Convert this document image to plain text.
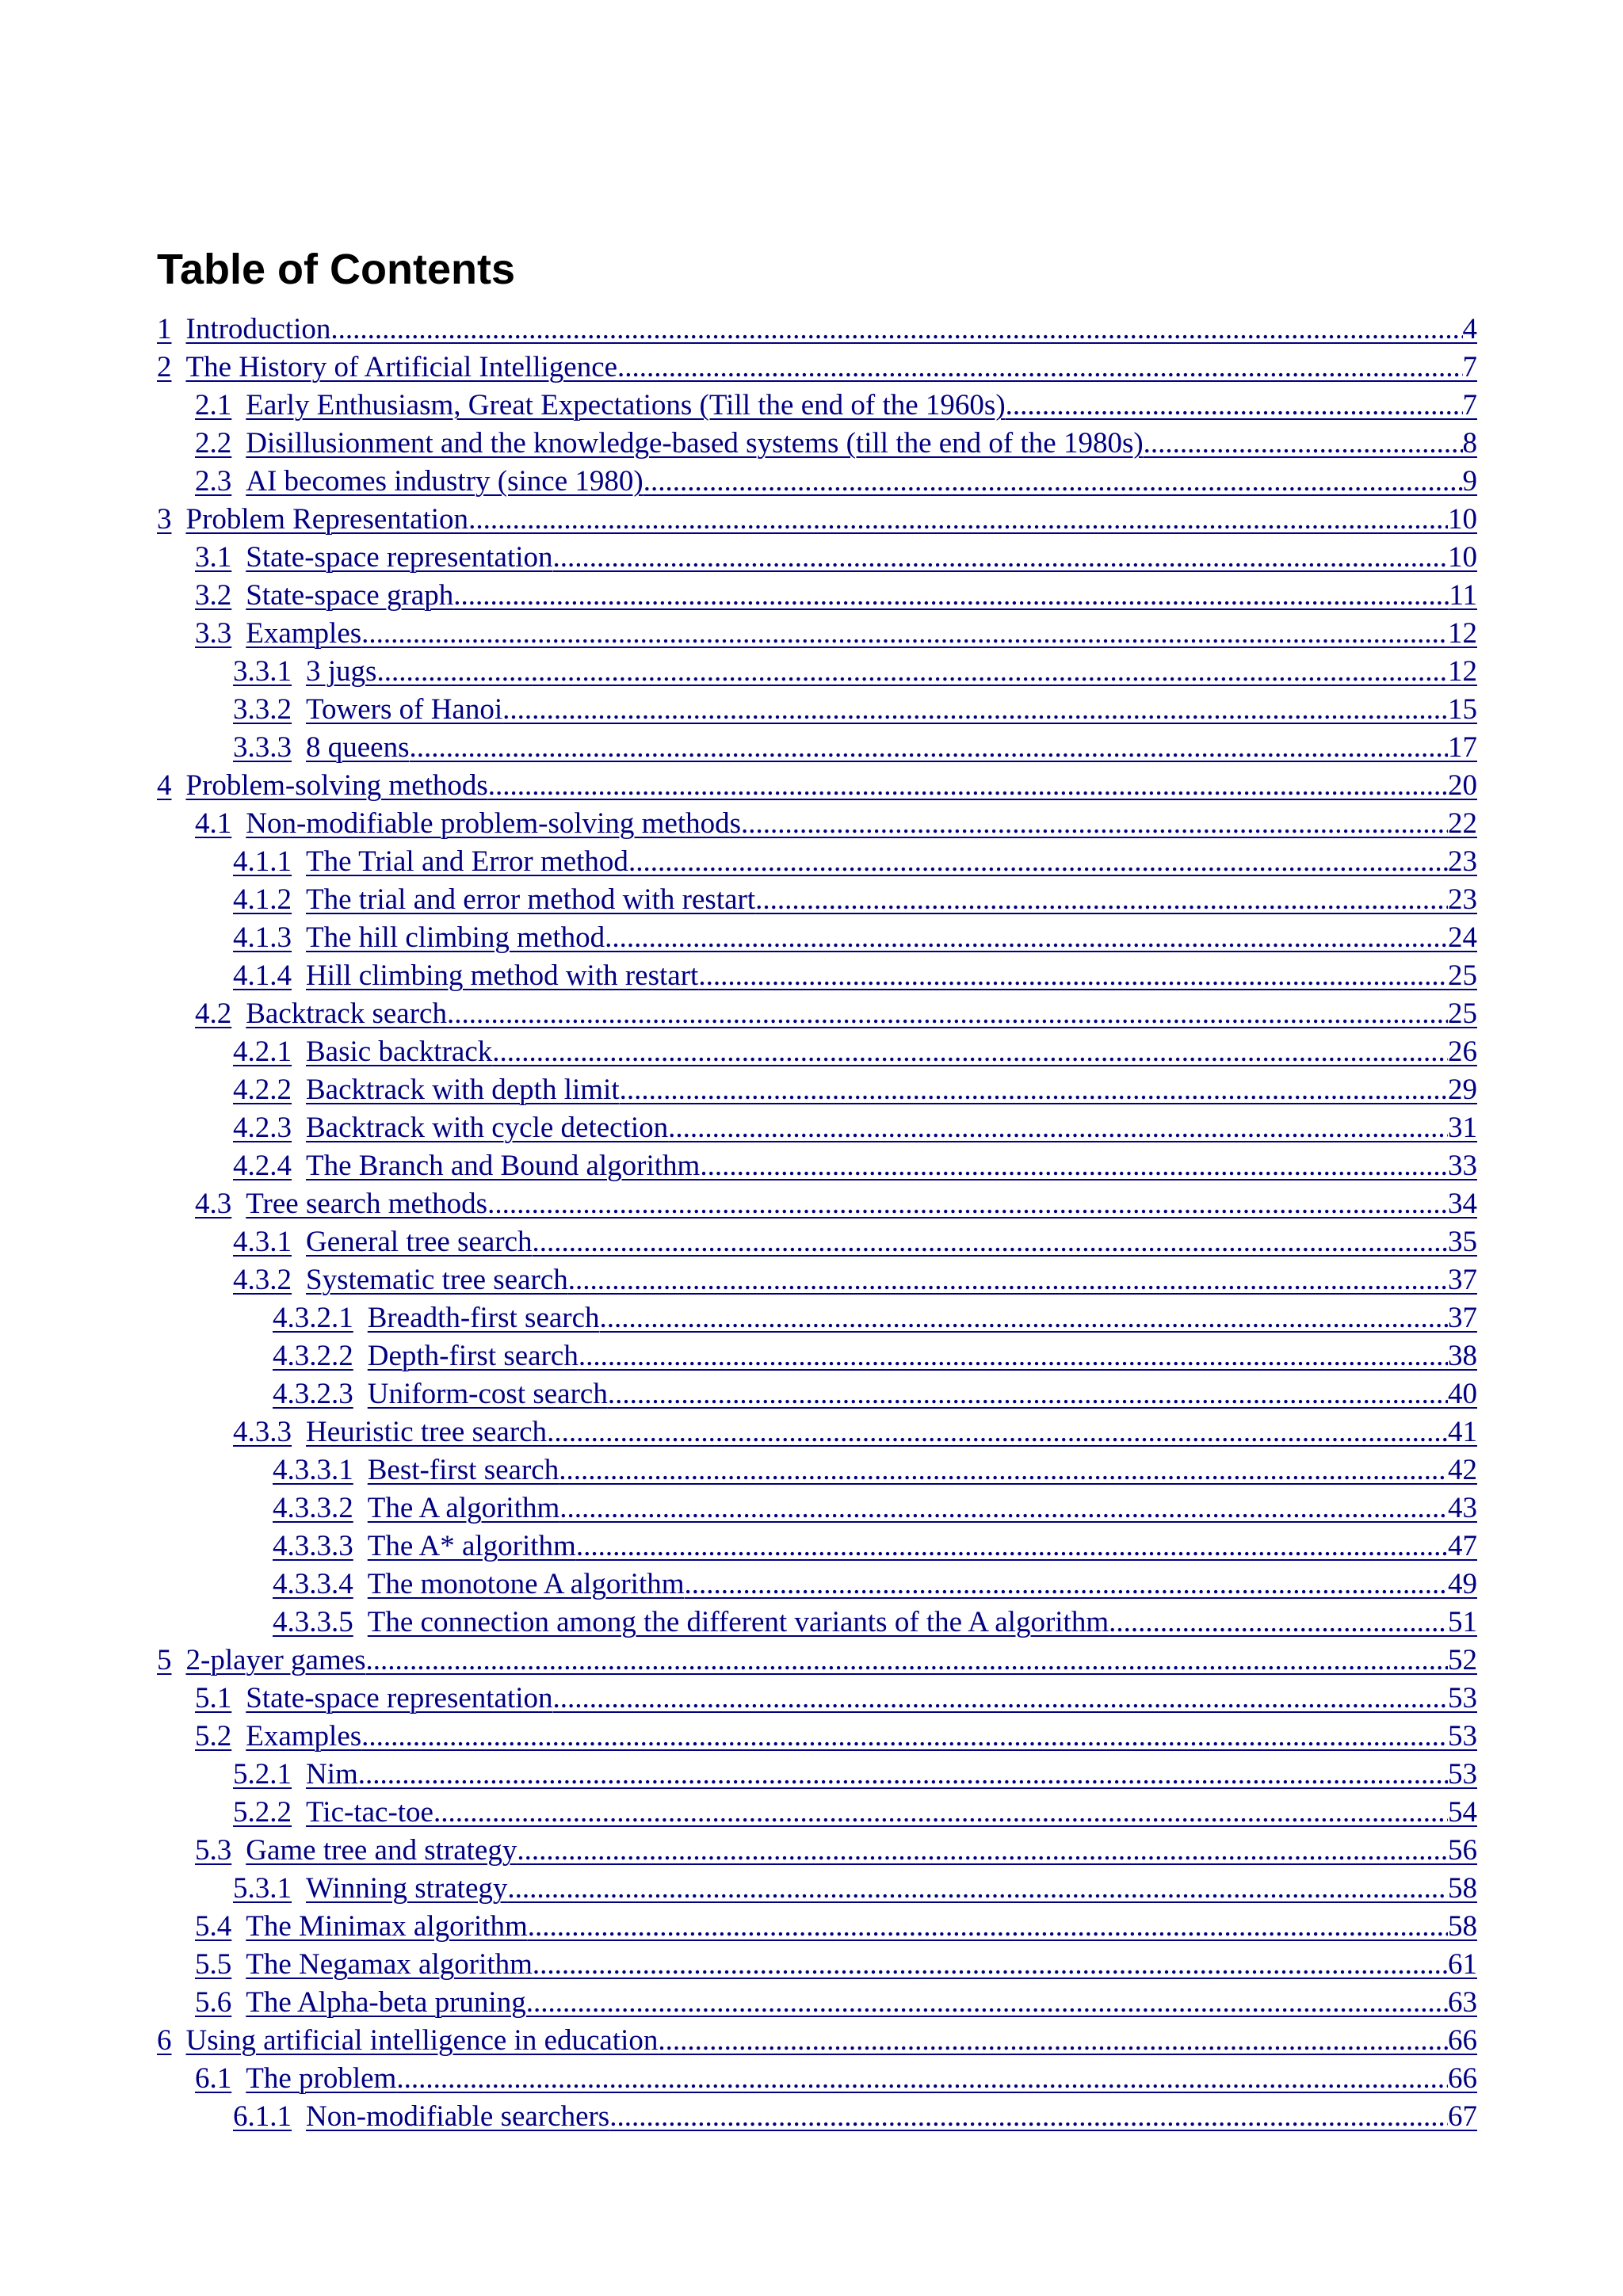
Table of Contents
1 Introduction .....	4
2 The History of Artificial Intelligence .....	7
2.1 Early Enthusiasm, Great Expectations (Till the end of the 1960s) .....	7
2.2 Disillusionment and the knowledge-based systems (till the end of the 1980s) .....	8
2.3 AI becomes industry (since 1980) .....	9
3 Problem Representation .....	10
3.1 State-space representation .....	10
3.2 State-space graph .....	11
3.3 Examples .....	12
3.3.1 3 jugs .....	12
3.3.2 Towers of Hanoi .....	15
3.3.3 8 queens .....	17
4 Problem-solving methods .....	20
4.1 Non-modifiable problem-solving methods .....	22
4.1.1 The Trial and Error method .....	23
4.1.2 The trial and error method with restart .....	23
4.1.3 The hill climbing method .....	24
4.1.4 Hill climbing method with restart .....	25
4.2 Backtrack search .....	25
4.2.1 Basic backtrack .....	26
4.2.2 Backtrack with depth limit .....	29
4.2.3 Backtrack with cycle detection .....	31
4.2.4 The Branch and Bound algorithm .....	33
4.3 Tree search methods .....	34
4.3.1 General tree search .....	35
4.3.2 Systematic tree search .....	37
4.3.2.1 Breadth-first search .....	37
4.3.2.2 Depth-first search .....	38
4.3.2.3 Uniform-cost search .....	40
4.3.3 Heuristic tree search .....	41
4.3.3.1 Best-first search .....	42
4.3.3.2 The A algorithm .....	43
4.3.3.3 The A* algorithm .....	47
4.3.3.4 The monotone A algorithm .....	49
4.3.3.5 The connection among the different variants of the A algorithm .....	51
5 2-player games .....	52
5.1 State-space representation .....	53
5.2 Examples .....	53
5.2.1 Nim .....	53
5.2.2 Tic-tac-toe .....	54
5.3 Game tree and strategy .....	56
5.3.1 Winning strategy .....	58
5.4 The Minimax algorithm .....	58
5.5 The Negamax algorithm .....	61
5.6 The Alpha-beta pruning .....	63
6 Using artificial intelligence in education .....	66
6.1 The problem .....	66
6.1.1 Non-modifiable searchers .....	67
